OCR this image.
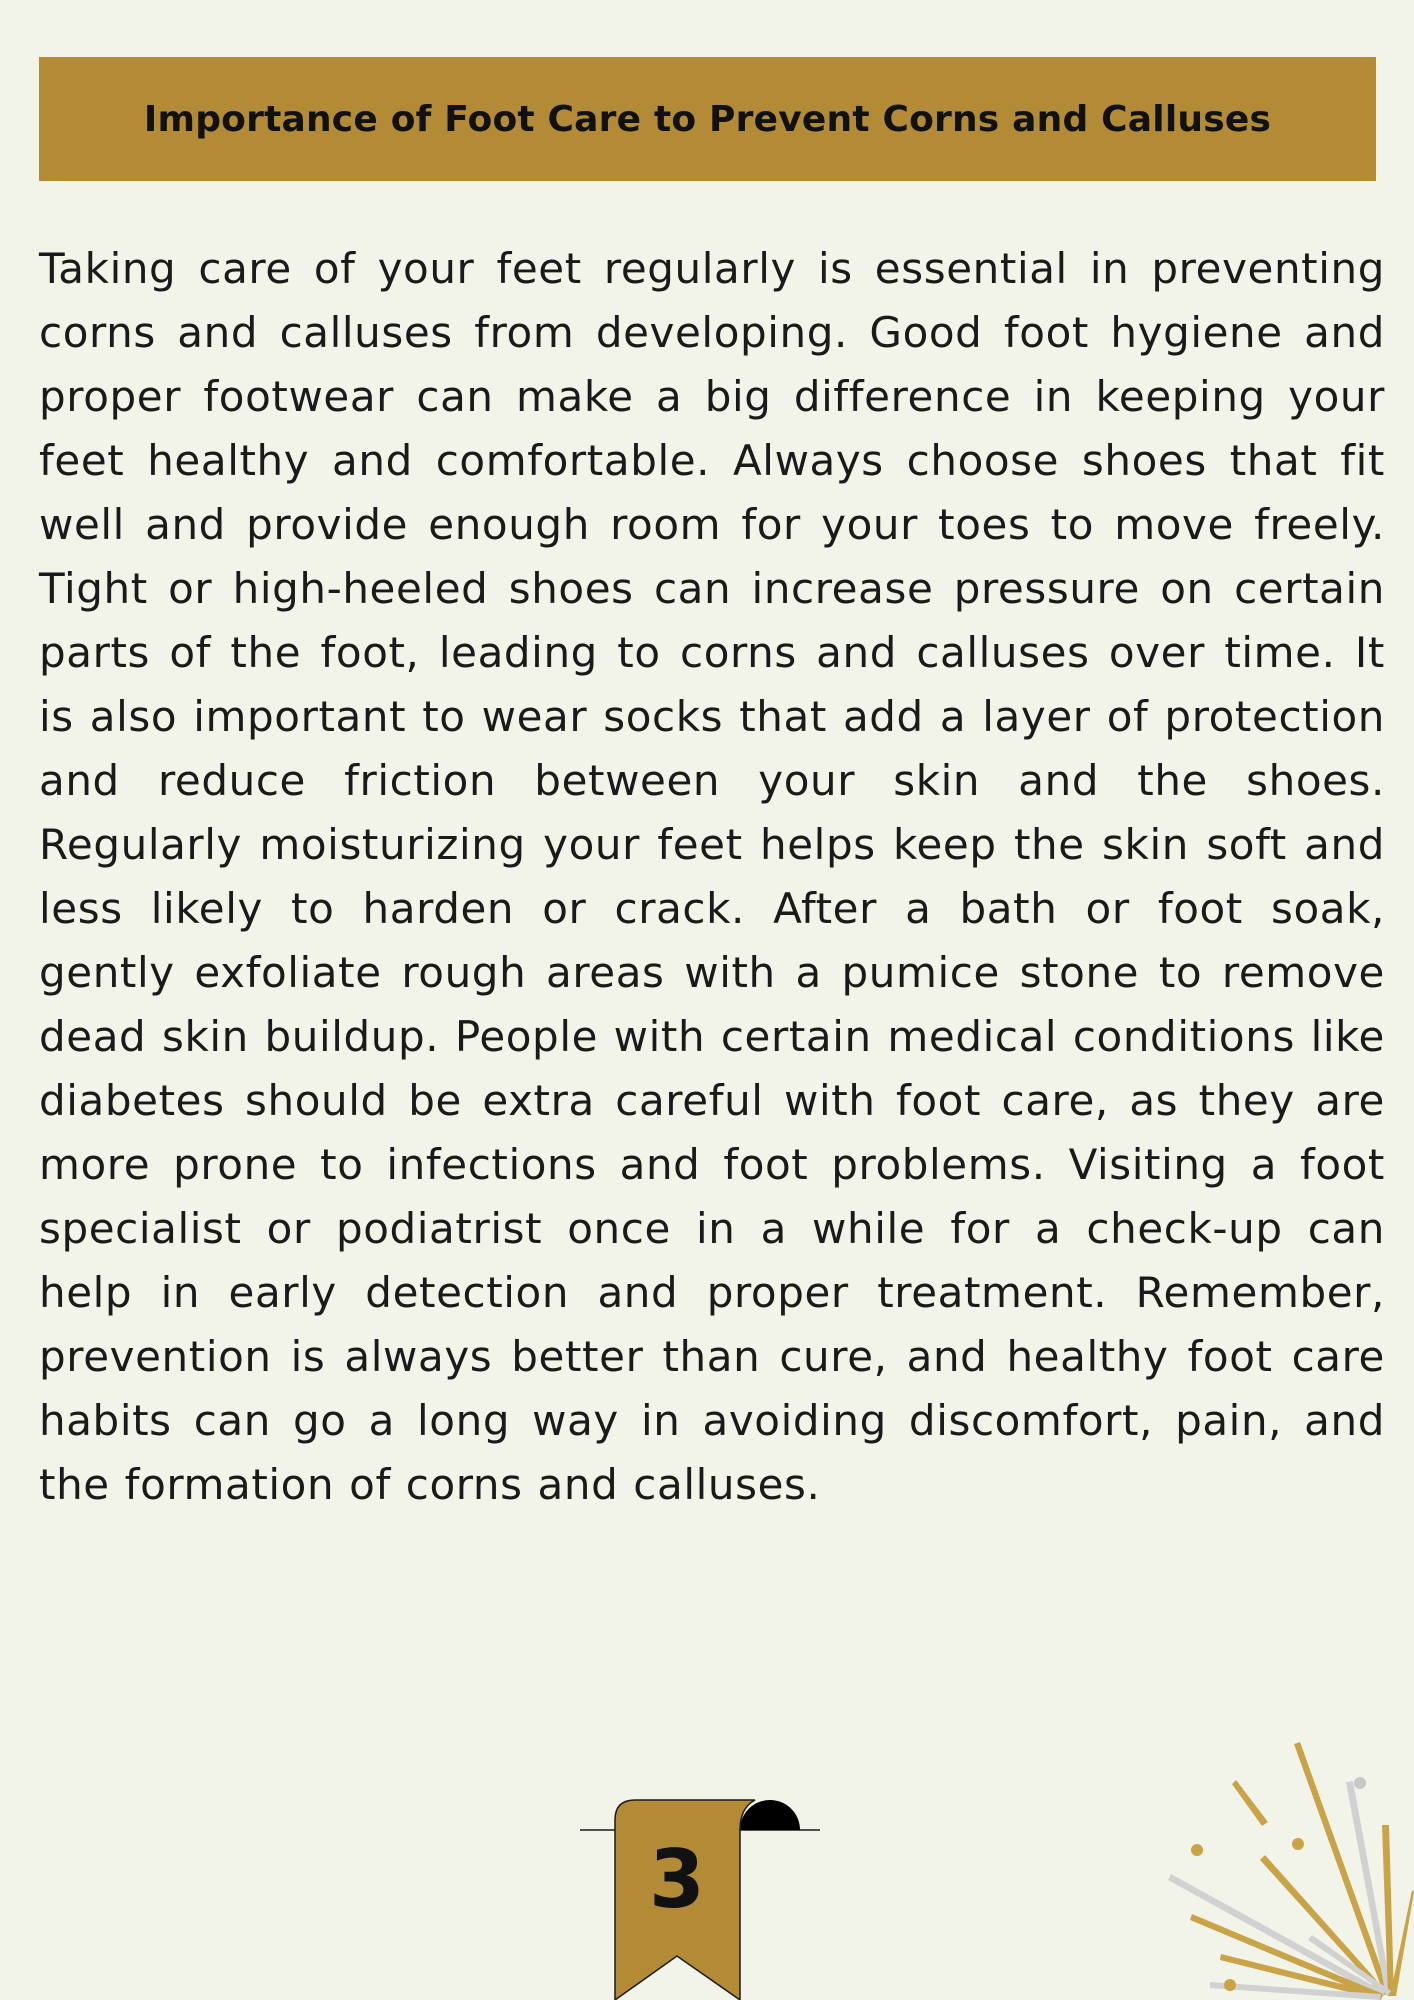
Importance of Foot Care to Prevent Corns and Calluses

Taking care of your feet regularly is essential in preventing corns and calluses from developing. Good foot hygiene and proper footwear can make a big difference in keeping your feet healthy and comfortable. Always choose shoes that fit well and provide enough room for your toes to move freely. Tight or high-heeled shoes can increase pressure on certain parts of the foot, leading to corns and calluses over time. It is also important to wear socks that add a layer of protection and reduce friction between your skin and the shoes. Regularly moisturizing your feet helps keep the skin soft and less likely to harden or crack. After a bath or foot soak, gently exfoliate rough areas with a pumice stone to remove dead skin buildup. People with certain medical conditions like diabetes should be extra careful with foot care, as they are more prone to infections and foot problems. Visiting a foot specialist or podiatrist once in a while for a check-up can help in early detection and proper treatment. Remember, prevention is always better than cure, and healthy foot care habits can go a long way in avoiding discomfort, pain, and the formation of corns and calluses.

3
